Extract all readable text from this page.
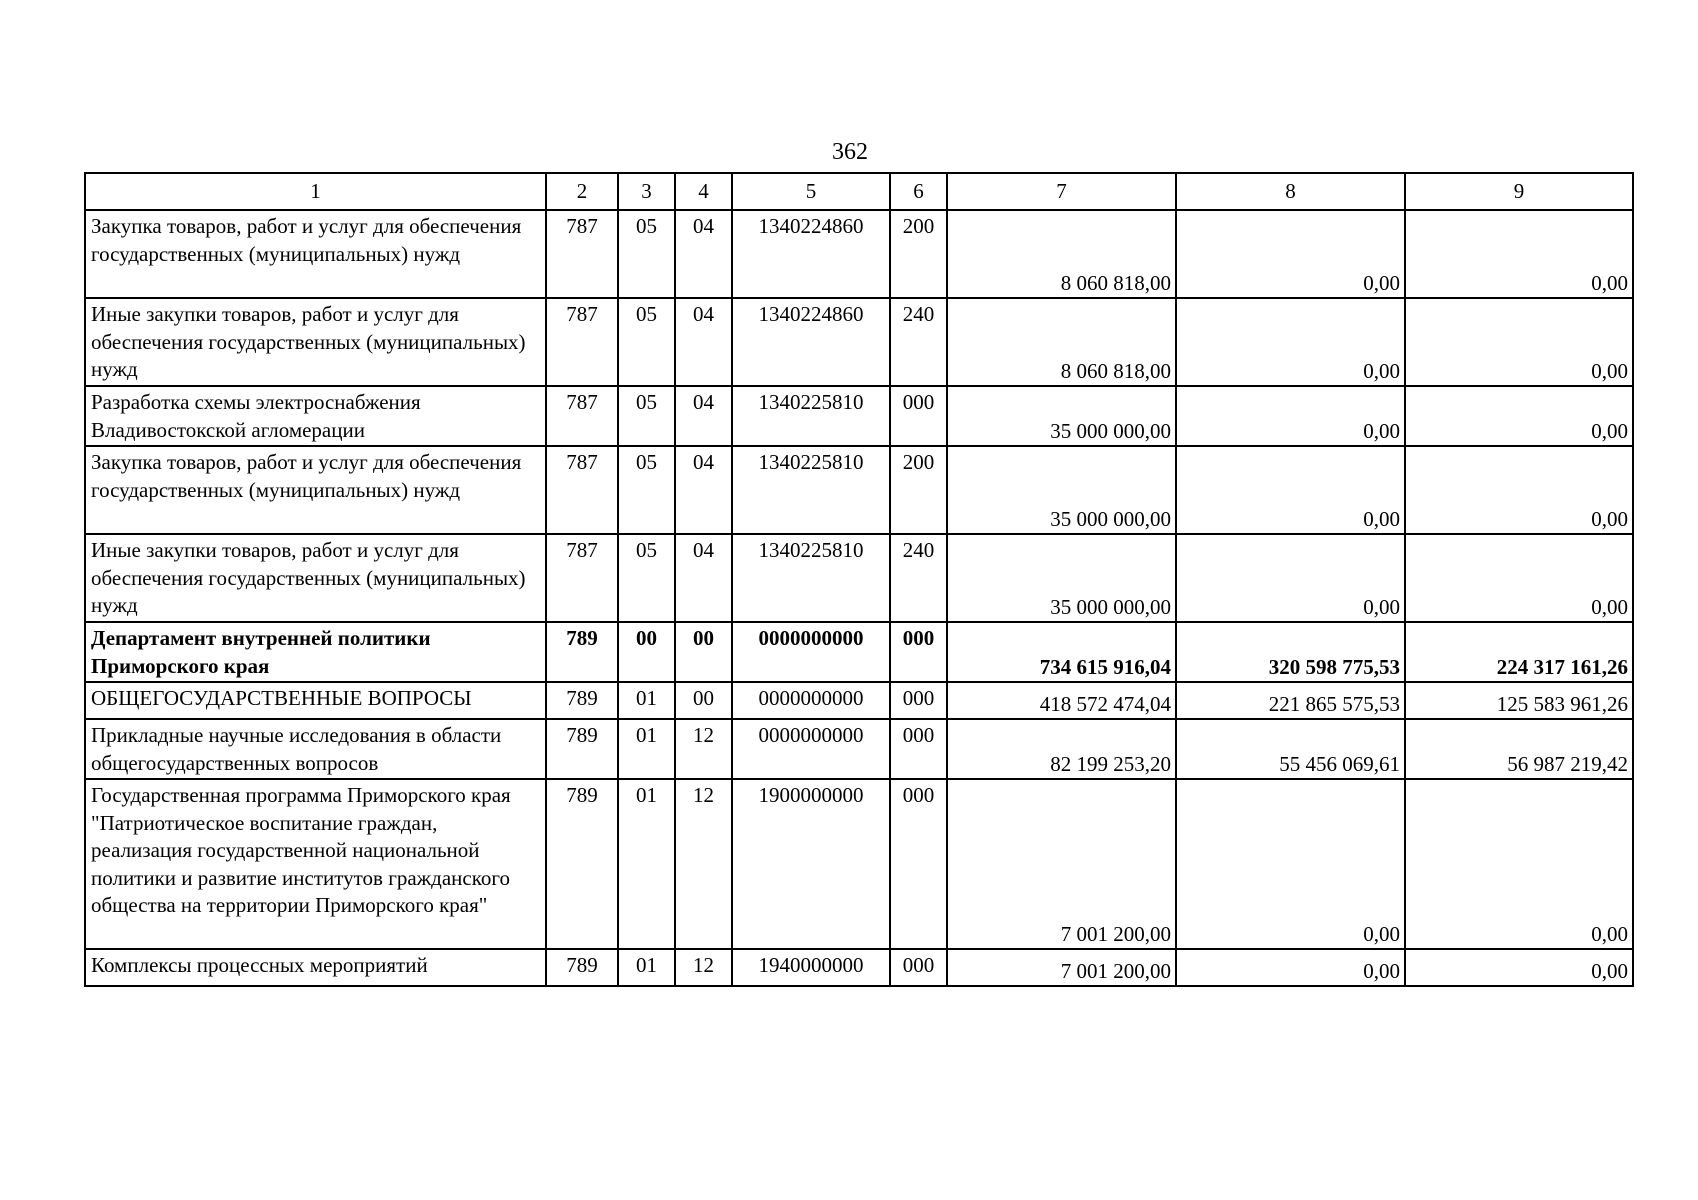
362
1	2	3	4	5	6	7	8	9
Закупка товаров, работ и услуг для обеспечения государственных (муниципальных) нужд	787	05	04	1340224860	200	8 060 818,00	0,00	0,00
Иные закупки товаров, работ и услуг для обеспечения государственных (муниципальных) нужд	787	05	04	1340224860	240	8 060 818,00	0,00	0,00
Разработка схемы электроснабжения Владивостокской агломерации	787	05	04	1340225810	000	35 000 000,00	0,00	0,00
Закупка товаров, работ и услуг для обеспечения государственных (муниципальных) нужд	787	05	04	1340225810	200	35 000 000,00	0,00	0,00
Иные закупки товаров, работ и услуг для обеспечения государственных (муниципальных) нужд	787	05	04	1340225810	240	35 000 000,00	0,00	0,00
Департамент внутренней политики Приморского края	789	00	00	0000000000	000	734 615 916,04	320 598 775,53	224 317 161,26
ОБЩЕГОСУДАРСТВЕННЫЕ ВОПРОСЫ	789	01	00	0000000000	000	418 572 474,04	221 865 575,53	125 583 961,26
Прикладные научные исследования в области общегосударственных вопросов	789	01	12	0000000000	000	82 199 253,20	55 456 069,61	56 987 219,42
Государственная программа Приморского края "Патриотическое воспитание граждан, реализация государственной национальной политики и развитие институтов гражданского общества на территории Приморского края"	789	01	12	1900000000	000	7 001 200,00	0,00	0,00
Комплексы процессных мероприятий	789	01	12	1940000000	000	7 001 200,00	0,00	0,00
